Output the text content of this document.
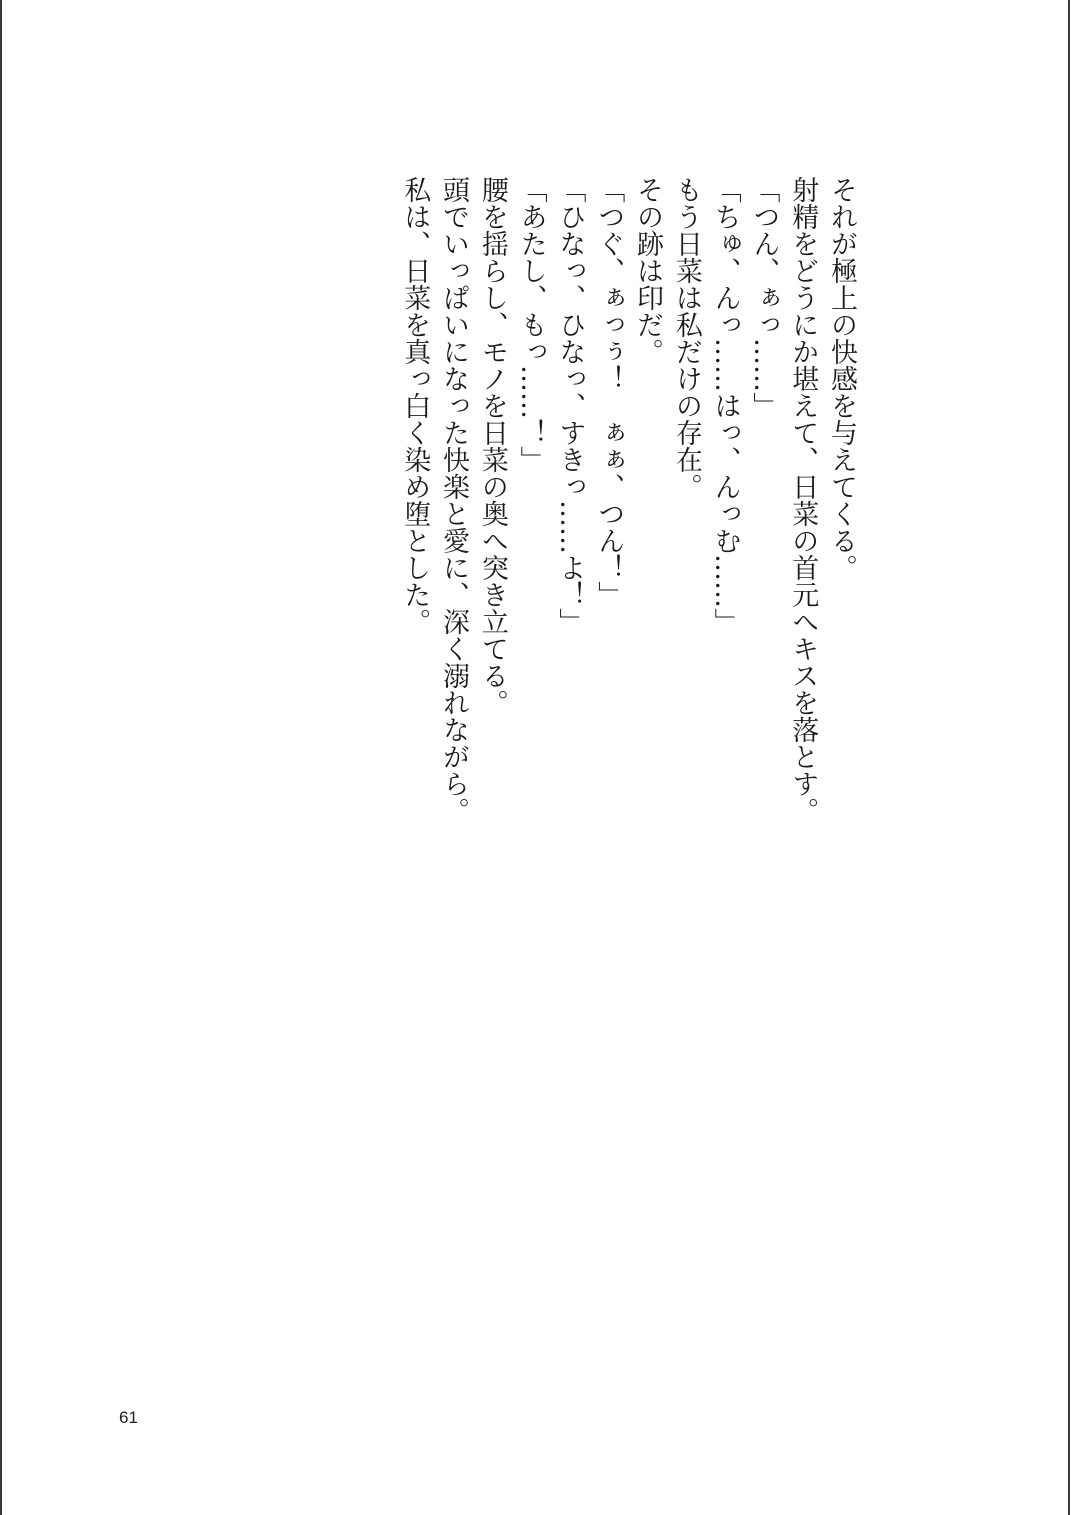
それが極上の快感を与えてくる。
射精をどうにか堪えて、日菜の首元へキスを落とす。
「つん、ぁっ……」
「ちゅ、んっ……はっ、んっむ……」
もう日菜は私だけの存在。
その跡は印だ。
「つぐ、ぁっぅ！　ぁぁ、つん！」
「ひなっ、ひなっ、すきっ……よ！」
「あたし、もっ……！」
腰を揺らし、モノを日菜の奥へ突き立てる。
頭でいっぱいになった快楽と愛に、深く溺れながら。
私は、日菜を真っ白く染め堕とした。
61
